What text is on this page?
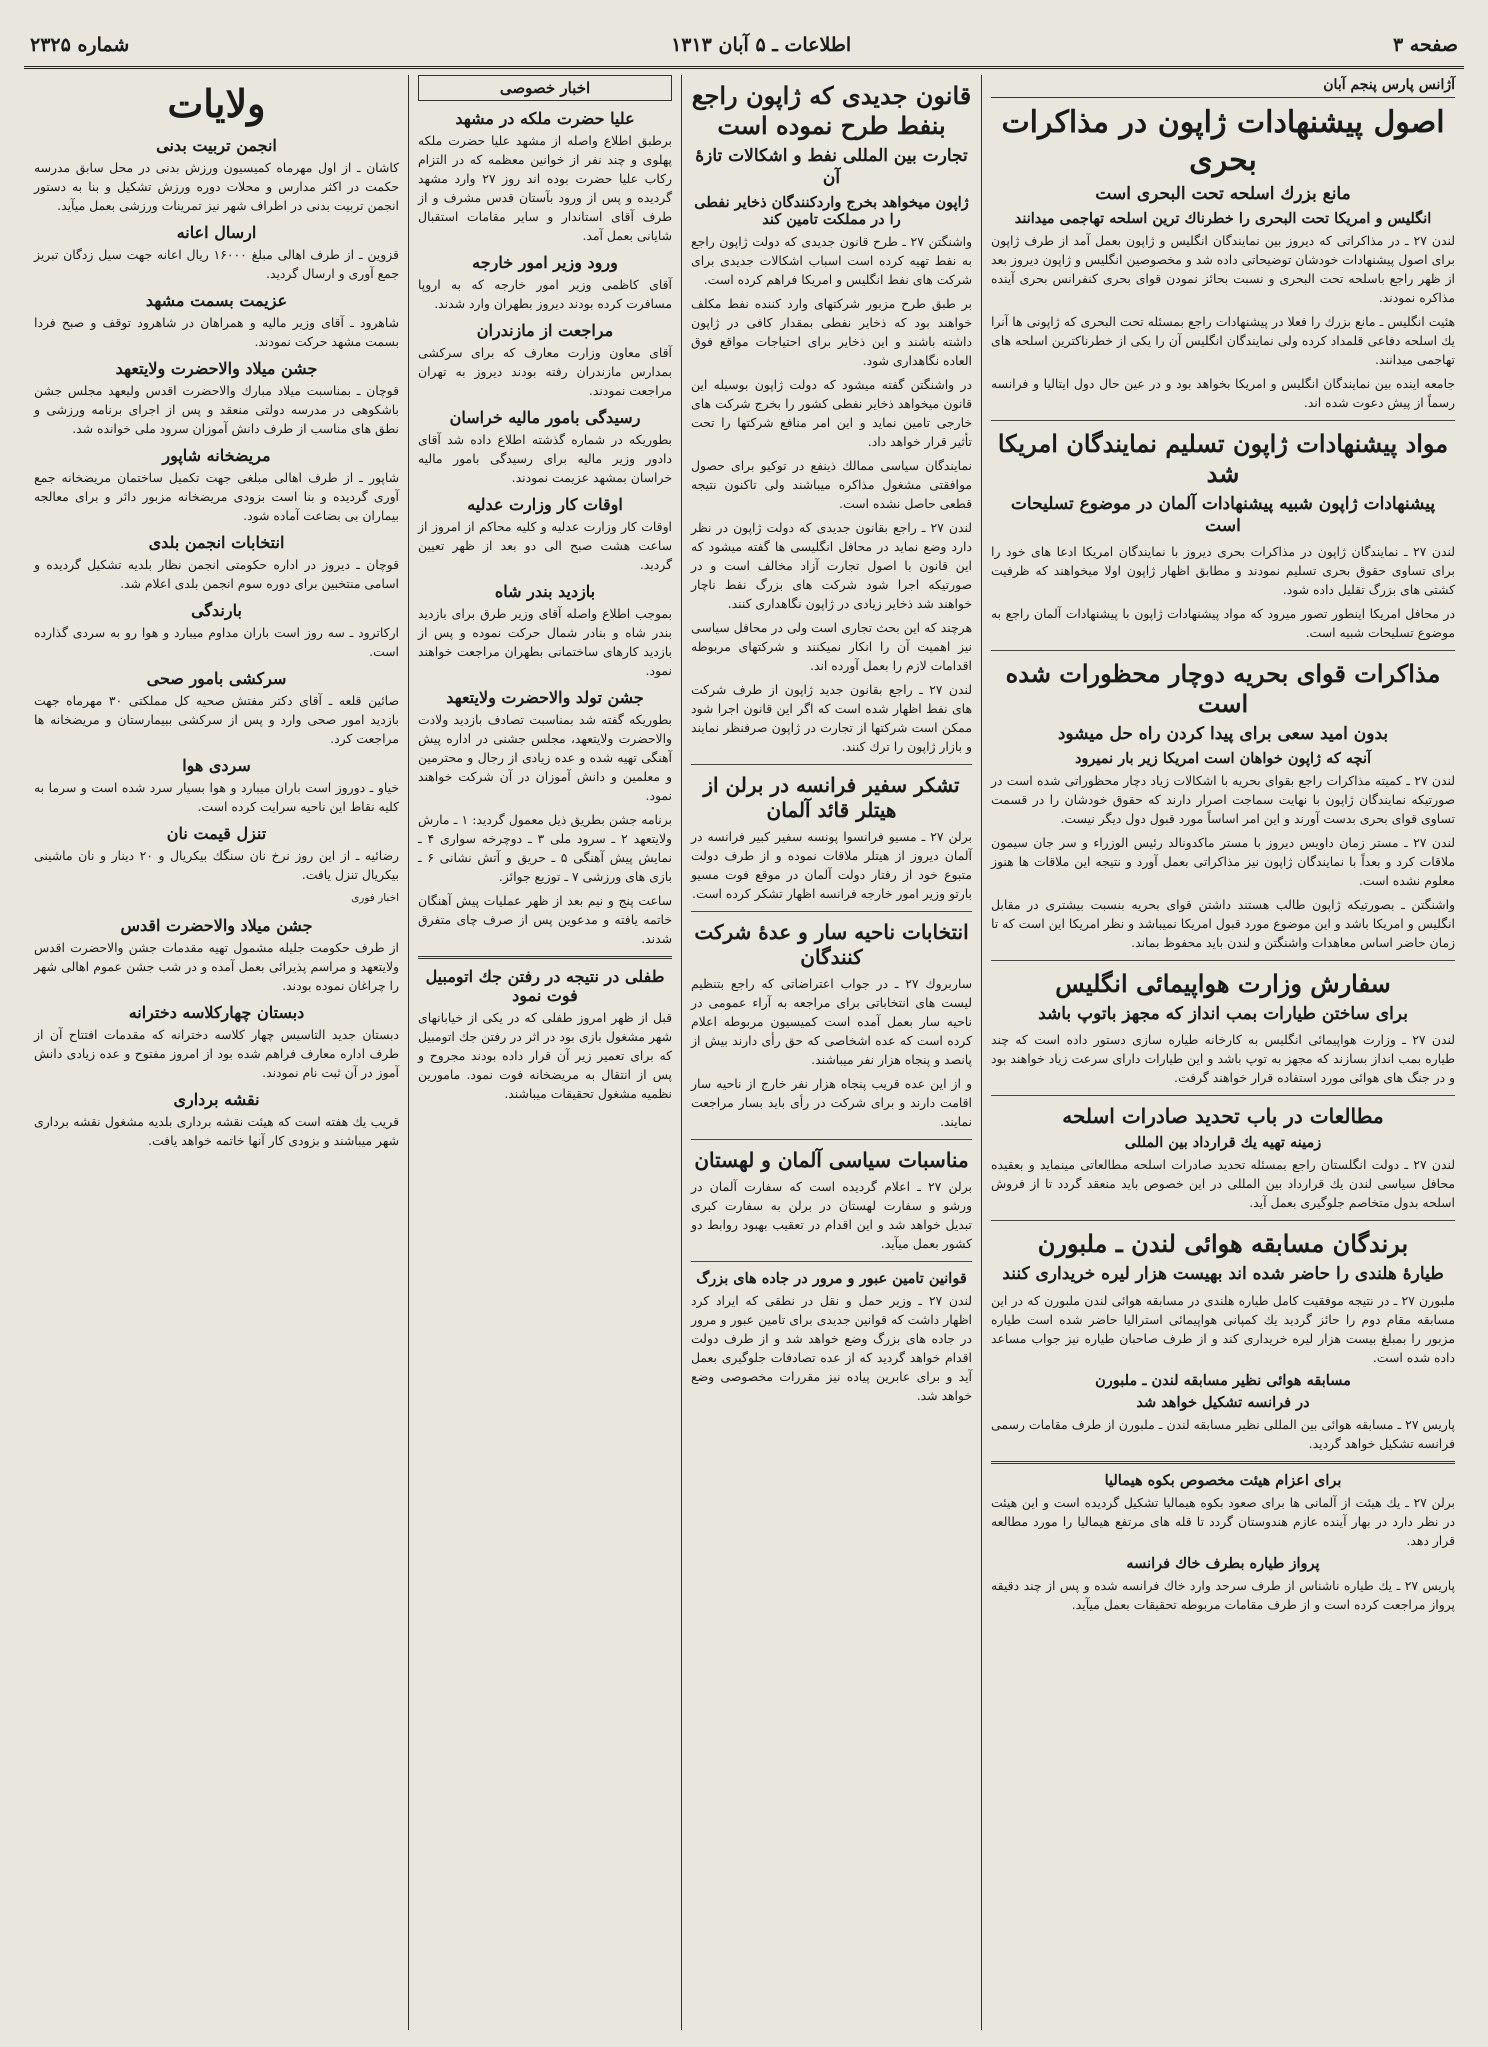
صفحه ۳
اطلاعات ـ ۵ آبان ۱۳۱۳
شماره ۲۳۲۵
آژانس پارس پنجم آبان
اصول پیشنهادات ژاپون در مذاکرات بحری
مانع بزرك اسلحه تحت البحری است
انگلیس و امریکا تحت البحری را خطرناك ترین اسلحه تهاجمی میدانند

لندن ۲۷ ـ در مذاکراتی که دیروز بین نمایندگان انگلیس و ژاپون بعمل آمد از طرف ژاپون برای اصول پیشنهادات خودشان توضیحاتی داده شد و مخصوصین انگلیس و ژاپون دیروز بعد از ظهر راجع باسلحه تحت البحری و نسبت بحائز نمودن قوای بحری کنفرانس بحری آینده مذاکره نمودند.

هئیت انگلیس ـ مانع بزرك را فعلا در پیشنهادات راجع بمسئله تحت البحری که ژاپونی ها آنرا یك اسلحه دفاعی قلمداد کرده ولی نمایندگان انگلیس آن را یکی از خطرناکترین اسلحه های تهاجمی میدانند.

جامعه اینده بین نمایندگان انگلیس و امریکا بخواهد بود و در عین حال دول ایتالیا و فرانسه رسماً از پیش دعوت شده اند.

مواد پیشنهادات ژاپون تسلیم نمایندگان امریکا شد
پیشنهادات ژاپون شبیه پیشنهادات آلمان در موضوع تسلیحات است

لندن ۲۷ ـ نمایندگان ژاپون در مذاکرات بحری دیروز با نمایندگان امریکا ادعا های خود را برای تساوی حقوق بحری تسلیم نمودند و مطابق اظهار ژاپون اولا میخواهند که ظرفیت کشتی های بزرگ تقلیل داده شود.

در محافل امریکا اینطور تصور میرود که مواد پیشنهادات ژاپون با پیشنهادات آلمان راجع به موضوع تسلیحات شبیه است.

مذاکرات قوای بحریه دوچار محظورات شده است
بدون امید سعی برای پیدا کردن راه حل میشود
آنچه که ژاپون خواهان است امریکا زیر بار نمیرود

لندن ۲۷ ـ کمیته مذاکرات راجع بقوای بحریه با اشکالات زیاد دچار محظوراتی شده است در صورتیکه نمایندگان ژاپون با نهایت سماجت اصرار دارند که حقوق خودشان را در قسمت تساوی قوای بحری بدست آورند و این امر اساساً مورد قبول دول دیگر نیست.

لندن ۲۷ ـ مستر زمان داویس دیروز با مستر ماکدونالد رئیس الوزراء و سر جان سیمون ملاقات کرد و بعداً با نمایندگان ژاپون نیز مذاکراتی بعمل آورد و نتیجه این ملاقات ها هنوز معلوم نشده است.

واشنگتن ـ بصورتیکه ژاپون طالب هستند داشتن قوای بحریه بنسبت بیشتری در مقابل انگلیس و امریکا باشد و این موضوع مورد قبول امریکا نمیباشد و نظر امریکا این است که تا زمان حاضر اساس معاهدات واشنگتن و لندن باید محفوظ بماند.

سفارش وزارت هواپیمائی انگلیس
برای ساختن طیارات بمب انداز که مجهز باتوپ باشد

لندن ۲۷ ـ وزارت هواپیمائی انگلیس به کارخانه طیاره سازی دستور داده است که چند طیاره بمب انداز بسازند که مجهز به توپ باشد و این طیارات دارای سرعت زیاد خواهند بود و در جنگ های هوائی مورد استفاده قرار خواهند گرفت.

مطالعات در باب تحدید صادرات اسلحه
زمینه تهیه یك قرارداد بین المللی

لندن ۲۷ ـ دولت انگلستان راجع بمسئله تحدید صادرات اسلحه مطالعاتی مینماید و بعقیده محافل سیاسی لندن یك قرارداد بین المللی در این خصوص باید منعقد گردد تا از فروش اسلحه بدول متخاصم جلوگیری بعمل آید.

برندگان مسابقه هوائی لندن ـ ملبورن
طیارهٔ هلندی را حاضر شده اند بهیست هزار لیره خریداری کنند

ملبورن ۲۷ ـ در نتیجه موفقیت کامل طیاره هلندی در مسابقه هوائی لندن ملبورن که در این مسابقه مقام دوم را حائز گردید یك کمپانی هواپیمائی استرالیا حاضر شده است طیاره مزبور را بمبلغ بیست هزار لیره خریداری کند و از طرف صاحبان طیاره نیز جواب مساعد داده شده است.

مسابقه هوائی نظیر مسابقه لندن ـ ملبورن
در فرانسه تشکیل خواهد شد

پاریس ۲۷ ـ مسابقه هوائی بین المللی نظیر مسابقه لندن ـ ملبورن از طرف مقامات رسمی فرانسه تشکیل خواهد گردید.

برای اعزام هیئت مخصوص بکوه هیمالیا

برلن ۲۷ ـ یك هیئت از آلمانی ها برای صعود بکوه هیمالیا تشکیل گردیده است و این هیئت در نظر دارد در بهار آینده عازم هندوستان گردد تا قله های مرتفع هیمالیا را مورد مطالعه قرار دهد.

پرواز طیاره بطرف خاك فرانسه

پاریس ۲۷ ـ یك طیاره ناشناس از طرف سرحد وارد خاك فرانسه شده و پس از چند دقیقه پرواز مراجعت کرده است و از طرف مقامات مربوطه تحقیقات بعمل میآید.

قانون جدیدی که ژاپون راجع بنفط طرح نموده است
تجارت بین المللی نفط و اشکالات تازهٔ آن
ژاپون میخواهد بخرج واردکنندگان ذخایر نفطی را در مملکت تامین کند

واشنگتن ۲۷ ـ طرح قانون جدیدی که دولت ژاپون راجع به نفط تهیه کرده است اسباب اشکالات جدیدی برای شرکت های نفط انگلیس و امریکا فراهم کرده است.

بر طبق طرح مزبور شرکتهای وارد کننده نفط مکلف خواهند بود که ذخایر نفطی بمقدار کافی در ژاپون داشته باشند و این ذخایر برای احتیاجات مواقع فوق العاده نگاهداری شود.

در واشنگتن گفته میشود که دولت ژاپون بوسیله این قانون میخواهد ذخایر نفطی کشور را بخرج شرکت های خارجی تامین نماید و این امر منافع شرکتها را تحت تأثیر قرار خواهد داد.

نمایندگان سیاسی ممالك ذینفع در توکیو برای حصول موافقتی مشغول مذاکره میباشند ولی تاکنون نتیجه قطعی حاصل نشده است.

لندن ۲۷ ـ راجع بقانون جدیدی که دولت ژاپون در نظر دارد وضع نماید در محافل انگلیسی ها گفته میشود که این قانون با اصول تجارت آزاد مخالف است و در صورتیکه اجرا شود شرکت های بزرگ نفط ناچار خواهند شد ذخایر زیادی در ژاپون نگاهداری کنند.

هرچند که این بحث تجاری است ولی در محافل سیاسی نیز اهمیت آن را انکار نمیکنند و شرکتهای مربوطه اقدامات لازم را بعمل آورده اند.

لندن ۲۷ ـ راجع بقانون جدید ژاپون از طرف شرکت های نفط اظهار شده است که اگر این قانون اجرا شود ممکن است شرکتها از تجارت در ژاپون صرفنظر نمایند و بازار ژاپون را ترك کنند.

تشکر سفیر فرانسه در برلن از هیتلر قائد آلمان

برلن ۲۷ ـ مسیو فرانسوا پونسه سفیر کبیر فرانسه در آلمان دیروز از هیتلر ملاقات نموده و از طرف دولت متبوع خود از رفتار دولت آلمان در موقع فوت مسیو بارتو وزیر امور خارجه فرانسه اظهار تشکر کرده است.

انتخابات ناحیه سار و عدهٔ شرکت کنندگان

ساربروك ۲۷ ـ در جواب اعتراضاتی که راجع بتنظیم لیست های انتخاباتی برای مراجعه به آراء عمومی در ناحیه سار بعمل آمده است کمیسیون مربوطه اعلام کرده است که عده اشخاصی که حق رأی دارند بیش از پانصد و پنجاه هزار نفر میباشند.

و از این عده قریب پنجاه هزار نفر خارج از ناحیه سار اقامت دارند و برای شرکت در رأی باید بسار مراجعت نمایند.

مناسبات سیاسی آلمان و لهستان

برلن ۲۷ ـ اعلام گردیده است که سفارت آلمان در ورشو و سفارت لهستان در برلن به سفارت کبری تبدیل خواهد شد و این اقدام در تعقیب بهبود روابط دو کشور بعمل میآید.

قوانین تامین عبور و مرور در جاده های بزرگ

لندن ۲۷ ـ وزیر حمل و نقل در نطقی که ایراد کرد اظهار داشت که قوانین جدیدی برای تامین عبور و مرور در جاده های بزرگ وضع خواهد شد و از طرف دولت اقدام خواهد گردید که از عده تصادفات جلوگیری بعمل آید و برای عابرین پیاده نیز مقررات مخصوصی وضع خواهد شد.

اخبار خصوصی
علیا حضرت ملکه در مشهد

برطبق اطلاع واصله از مشهد علیا حضرت ملکه پهلوی و چند نفر از خوانین معظمه که در التزام رکاب علیا حضرت بوده اند روز ۲۷ وارد مشهد گردیده و پس از ورود بآستان قدس مشرف و از طرف آقای استاندار و سایر مقامات استقبال شایانی بعمل آمد.

ورود وزیر امور خارجه

آقای کاظمی وزیر امور خارجه که به اروپا مسافرت کرده بودند دیروز بطهران وارد شدند.

مراجعت از مازندران

آقای معاون وزارت معارف که برای سرکشی بمدارس مازندران رفته بودند دیروز به تهران مراجعت نمودند.

رسیدگی بامور مالیه خراسان

بطوریکه در شماره گذشته اطلاع داده شد آقای دادور وزیر مالیه برای رسیدگی بامور مالیه خراسان بمشهد عزیمت نمودند.

اوقات کار وزارت عدلیه

اوقات کار وزارت عدلیه و کلیه محاکم از امروز از ساعت هشت صبح الی دو بعد از ظهر تعیین گردید.

بازدید بندر شاه

بموجب اطلاع واصله آقای وزیر طرق برای بازدید بندر شاه و بنادر شمال حرکت نموده و پس از بازدید کارهای ساختمانی بطهران مراجعت خواهند نمود.

جشن تولد والاحضرت ولایتعهد

بطوریکه گفته شد بمناسبت تصادف بازدید ولادت والاحضرت ولایتعهد، مجلس جشنی در اداره پیش آهنگی تهیه شده و عده زیادی از رجال و محترمین و معلمین و دانش آموزان در آن شرکت خواهند نمود.

برنامه جشن بطریق ذیل معمول گردید: ۱ ـ مارش ولایتعهد ۲ ـ سرود ملی ۳ ـ دوچرخه سواری ۴ ـ نمایش پیش آهنگی ۵ ـ حریق و آتش نشانی ۶ ـ بازی های ورزشی ۷ ـ توزیع جوائز.

ساعت پنج و نیم بعد از ظهر عملیات پیش آهنگان خاتمه یافته و مدعوین پس از صرف چای متفرق شدند.

طفلی در نتیجه در رفتن جك اتومبیل فوت نمود

قبل از ظهر امروز طفلی که در یکی از خیابانهای شهر مشغول بازی بود در اثر در رفتن جك اتومبیل که برای تعمیر زیر آن قرار داده بودند مجروح و پس از انتقال به مریضخانه فوت نمود. مامورین نظمیه مشغول تحقیقات میباشند.

ولایات
انجمن تربیت بدنی

کاشان ـ از اول مهرماه کمیسیون ورزش بدنی در محل سابق مدرسه حکمت در اکثر مدارس و محلات دوره ورزش تشکیل و بنا به دستور انجمن تربیت بدنی در اطراف شهر نیز تمرینات ورزشی بعمل میآید.

ارسال اعانه

قزوین ـ از طرف اهالی مبلغ ۱۶۰۰۰ ریال اعانه جهت سیل زدگان تبریز جمع آوری و ارسال گردید.

عزیمت بسمت مشهد

شاهرود ـ آقای وزیر مالیه و همراهان در شاهرود توقف و صبح فردا بسمت مشهد حرکت نمودند.

جشن میلاد والاحضرت ولایتعهد

قوچان ـ بمناسبت میلاد مبارك والاحضرت اقدس ولیعهد مجلس جشن باشکوهی در مدرسه دولتی منعقد و پس از اجرای برنامه ورزشی و نطق های مناسب از طرف دانش آموزان سرود ملی خوانده شد.

مریضخانه شاپور

شاپور ـ از طرف اهالی مبلغی جهت تکمیل ساختمان مریضخانه جمع آوری گردیده و بنا است بزودی مریضخانه مزبور دائر و برای معالجه بیماران بی بضاعت آماده شود.

انتخابات انجمن بلدی

قوچان ـ دیروز در اداره حکومتی انجمن نظار بلدیه تشکیل گردیده و اسامی منتخبین برای دوره سوم انجمن بلدی اعلام شد.

بارندگی

ارکاترود ـ سه روز است باران مداوم میبارد و هوا رو به سردی گذارده است.

سرکشی بامور صحی

صائین قلعه ـ آقای دکتر مفتش صحیه کل مملکتی ۳۰ مهرماه جهت بازدید امور صحی وارد و پس از سرکشی ببیمارستان و مریضخانه ها مراجعت کرد.

سردی هوا

خیاو ـ دوروز است باران میبارد و هوا بسیار سرد شده است و سرما به کلیه نقاط این ناحیه سرایت کرده است.

تنزل قیمت نان

رضائیه ـ از این روز نرخ نان سنگك بیکریال و ۲۰ دینار و نان ماشینی بیکریال تنزل یافت.

اخبار فوری

جشن میلاد والاحضرت اقدس

از طرف حکومت جلیله مشمول تهیه مقدمات جشن والاحضرت اقدس ولایتعهد و مراسم پذیرائی بعمل آمده و در شب جشن عموم اهالی شهر را چراغان نموده بودند.

دبستان چهارکلاسه دخترانه

دبستان جدید التاسیس چهار کلاسه دخترانه که مقدمات افتتاح آن از طرف اداره معارف فراهم شده بود از امروز مفتوح و عده زیادی دانش آموز در آن ثبت نام نمودند.

نقشه برداری

قریب یك هفته است که هیئت نقشه برداری بلدیه مشغول نقشه برداری شهر میباشند و بزودی کار آنها خاتمه خواهد یافت.
